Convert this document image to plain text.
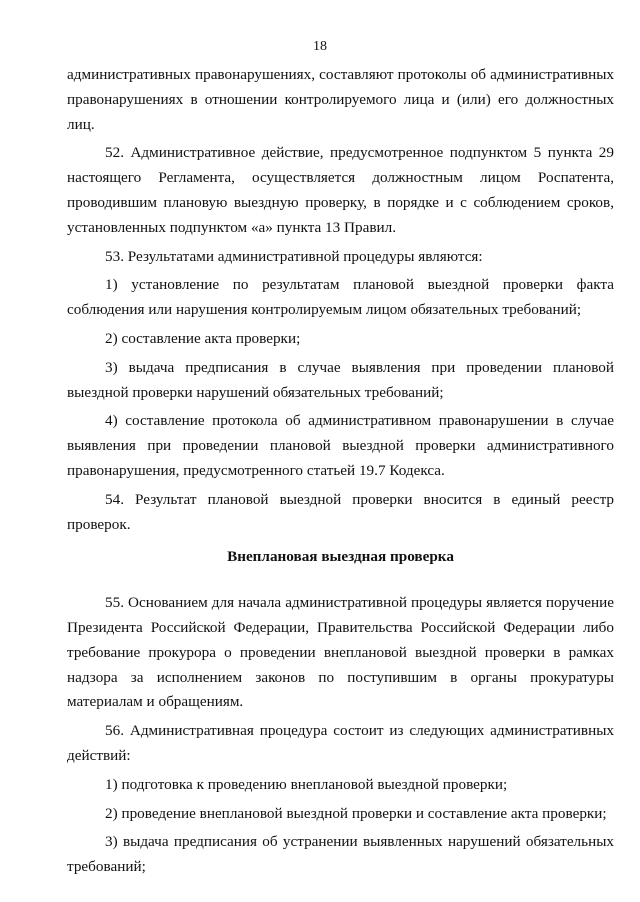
18

административных правонарушениях, составляют протоколы об административных правонарушениях в отношении контролируемого лица и (или) его должностных лиц.

52. Административное действие, предусмотренное подпунктом 5 пункта 29 настоящего Регламента, осуществляется должностным лицом Роспатента, проводившим плановую выездную проверку, в порядке и с соблюдением сроков, установленных подпунктом «а» пункта 13 Правил.

53. Результатами административной процедуры являются:

1) установление по результатам плановой выездной проверки факта соблюдения или нарушения контролируемым лицом обязательных требований;

2) составление акта проверки;

3) выдача предписания в случае выявления при проведении плановой выездной проверки нарушений обязательных требований;

4) составление протокола об административном правонарушении в случае выявления при проведении плановой выездной проверки административного правонарушения, предусмотренного статьей 19.7 Кодекса.

54. Результат плановой выездной проверки вносится в единый реестр проверок.

Внеплановая выездная проверка

55. Основанием для начала административной процедуры является поручение Президента Российской Федерации, Правительства Российской Федерации либо требование прокурора о проведении внеплановой выездной проверки в рамках надзора за исполнением законов по поступившим в органы прокуратуры материалам и обращениям.

56. Административная процедура состоит из следующих административных действий:

1) подготовка к проведению внеплановой выездной проверки;

2) проведение внеплановой выездной проверки и составление акта проверки;

3) выдача предписания об устранении выявленных нарушений обязательных требований;
